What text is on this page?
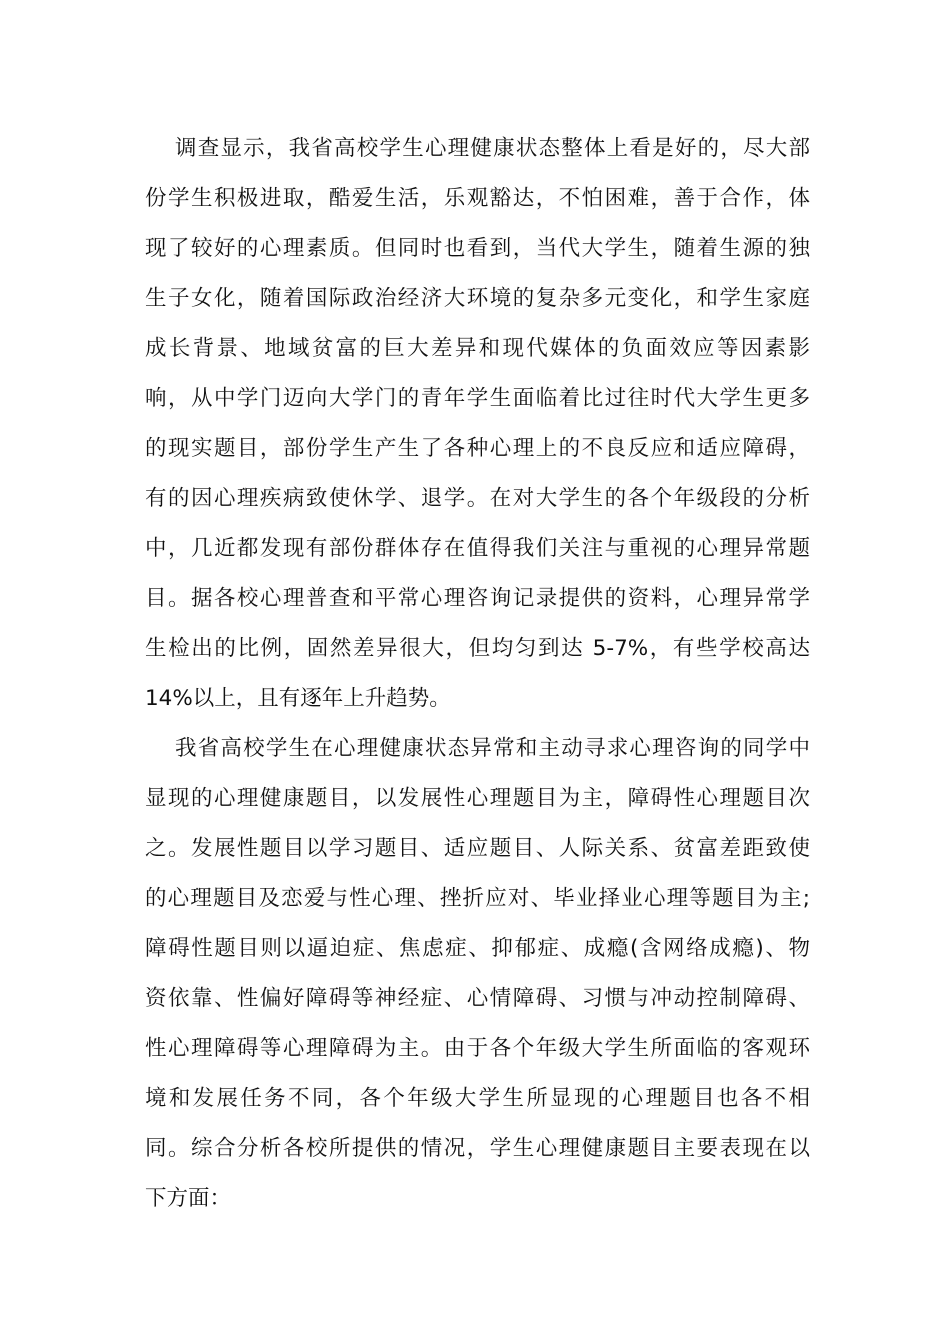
调查显示，我省高校学生心理健康状态整体上看是好的，尽大部
份学生积极进取，酷爱生活，乐观豁达，不怕困难，善于合作，体
现了较好的心理素质。但同时也看到，当代大学生，随着生源的独
生子女化，随着国际政治经济大环境的复杂多元变化，和学生家庭
成长背景、地域贫富的巨大差异和现代媒体的负面效应等因素影
响，从中学门迈向大学门的青年学生面临着比过往时代大学生更多
的现实题目，部份学生产生了各种心理上的不良反应和适应障碍，
有的因心理疾病致使休学、退学。在对大学生的各个年级段的分析
中，几近都发现有部份群体存在值得我们关注与重视的心理异常题
目。据各校心理普查和平常心理咨询记录提供的资料，心理异常学
生检出的比例，固然差异很大，但均匀到达 5-7%，有些学校高达
14%以上，且有逐年上升趋势。
我省高校学生在心理健康状态异常和主动寻求心理咨询的同学中
显现的心理健康题目，以发展性心理题目为主，障碍性心理题目次
之。发展性题目以学习题目、适应题目、人际关系、贫富差距致使
的心理题目及恋爱与性心理、挫折应对、毕业择业心理等题目为主;
障碍性题目则以逼迫症、焦虑症、抑郁症、成瘾(含网络成瘾)、物
资依靠、性偏好障碍等神经症、心情障碍、习惯与冲动控制障碍、
性心理障碍等心理障碍为主。由于各个年级大学生所面临的客观环
境和发展任务不同，各个年级大学生所显现的心理题目也各不相
同。综合分析各校所提供的情况，学生心理健康题目主要表现在以
下方面：
